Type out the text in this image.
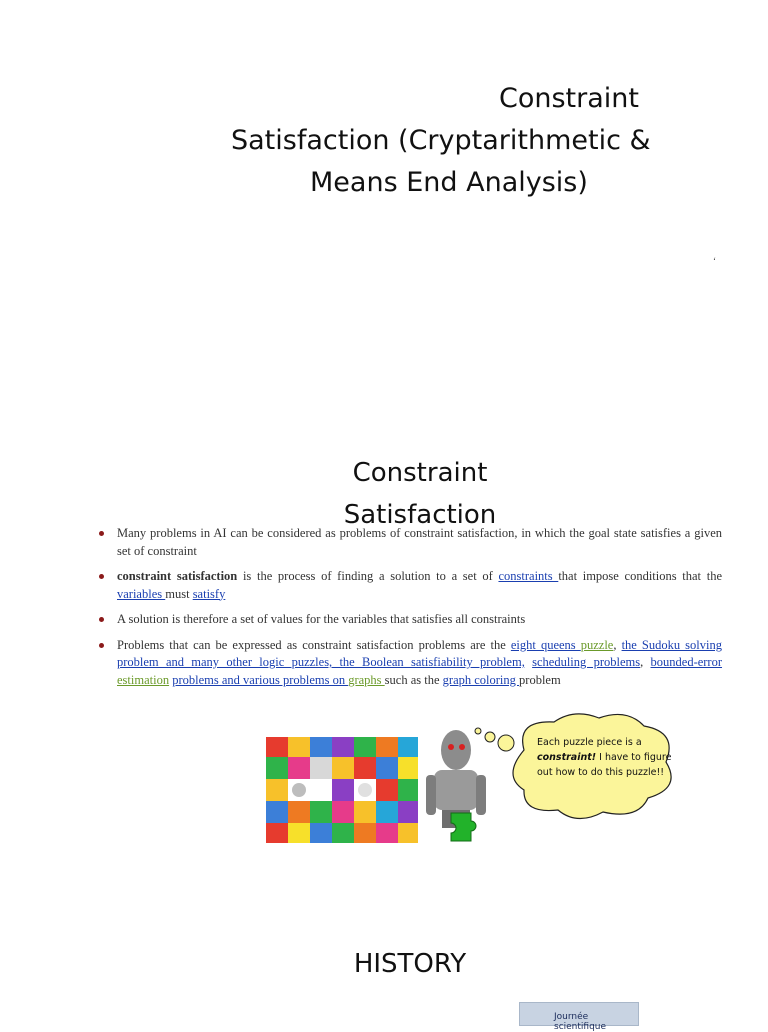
Constraint
Satisfaction (Cryptarithmetic &
Means End Analysis)
‘
Constraint
Satisfaction
Many problems in AI can be considered as problems of constraint satisfaction, in which the goal state satisfies a given set of constraint
constraint satisfaction is the process of finding a solution to a set of constraints that impose conditions that the variables must satisfy
A solution is therefore a set of values for the variables that satisfies all constraints
Problems that can be expressed as constraint satisfaction problems are the eight queens puzzle, the Sudoku solving problem and many other logic puzzles, the Boolean satisfiability problem, scheduling problems, bounded-error estimation problems and various problems on graphs such as the graph coloring problem
Each puzzle piece is a
constraint! I have to figure
out how to do this puzzle!!
HISTORY
Journée scientifique
